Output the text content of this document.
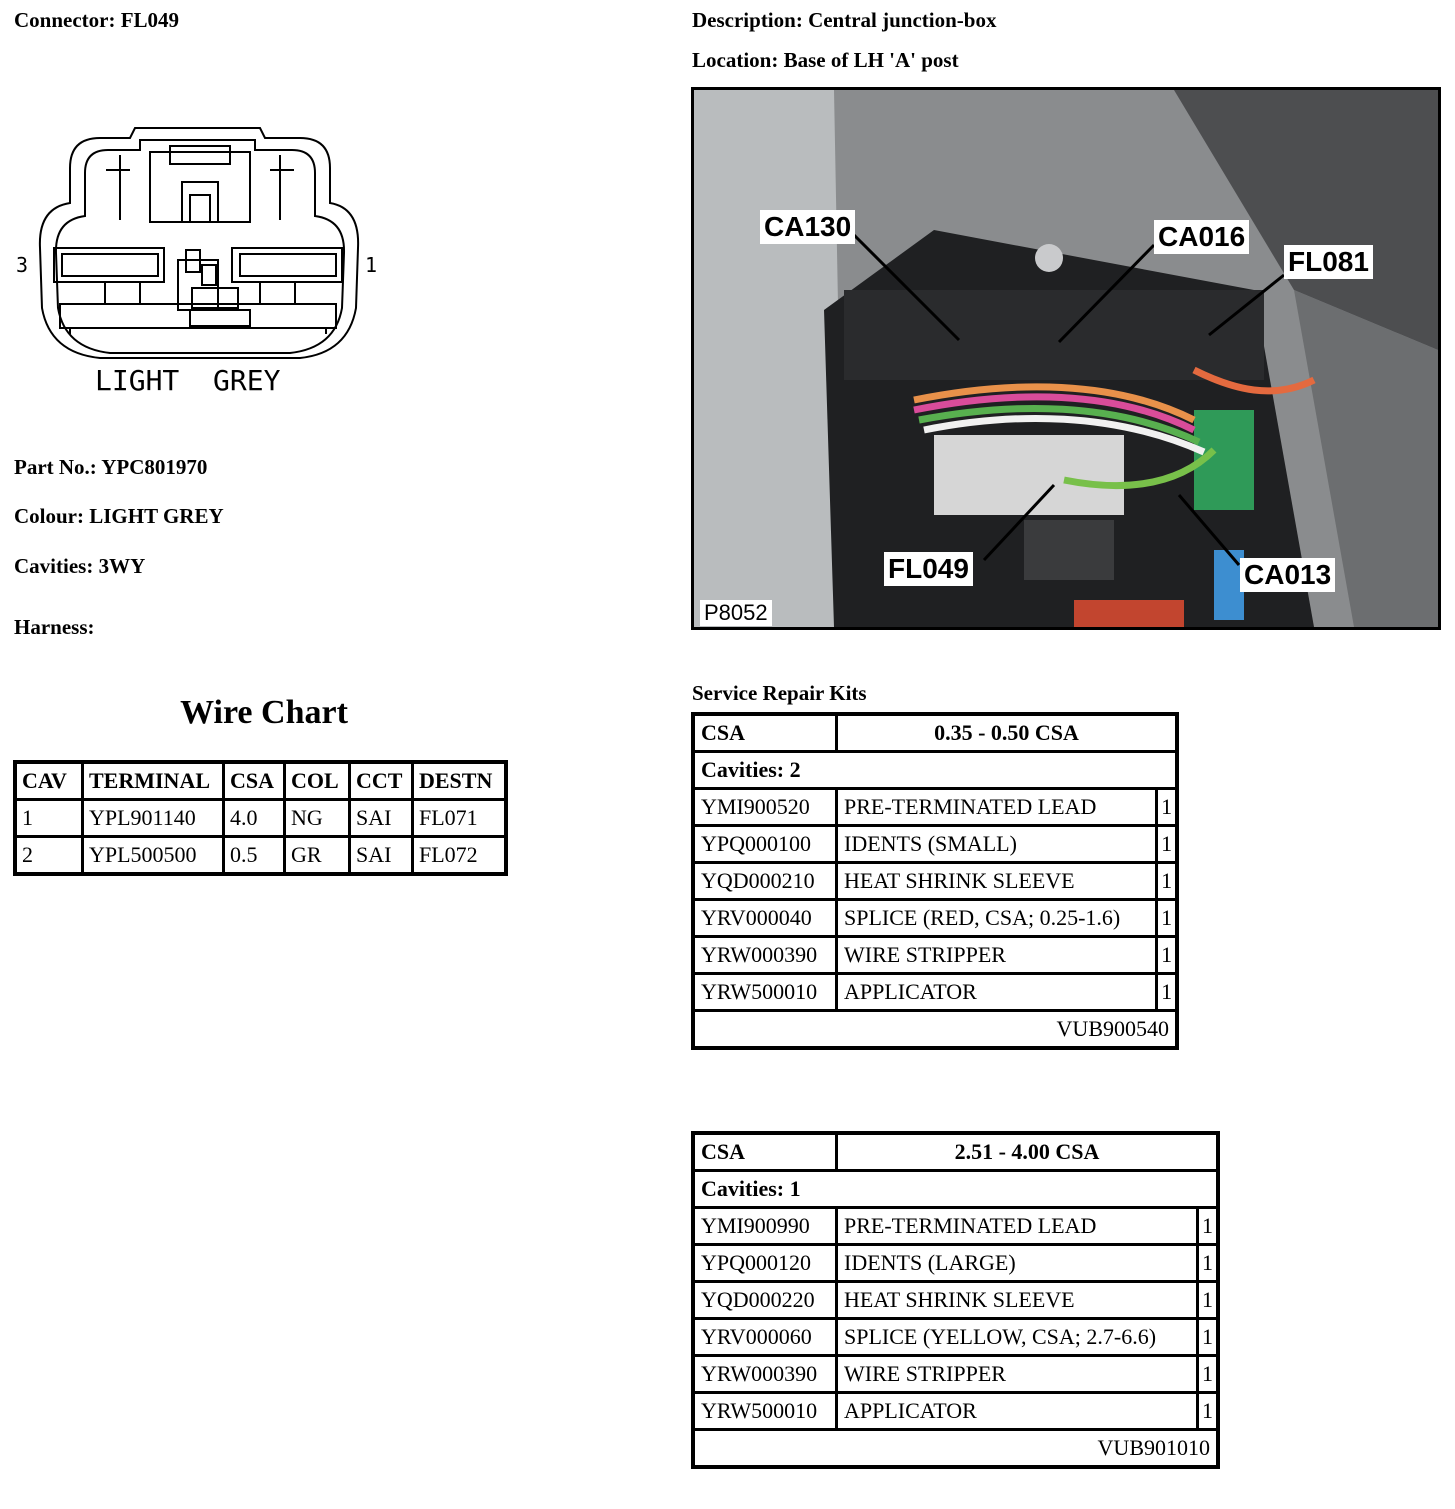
Connector: FL049
3	1
LIGHT  GREY
Part No.: YPC801970
Colour: LIGHT GREY
Cavities: 3WY
Harness:
Wire Chart
CAV	TERMINAL	CSA	COL	CCT	DESTN
1	YPL901140	4.0	NG	SAI	FL071
2	YPL500500	0.5	GR	SAI	FL072
Description: Central junction-box
Location: Base of LH 'A' post
CA130	CA016
FL081
FL049	CA013
P8052
Service Repair Kits
CSA	0.35 - 0.50 CSA	
Cavities: 2		
YMI900520	PRE-TERMINATED LEAD	1
YPQ000100	IDENTS (SMALL)	1
YQD000210	HEAT SHRINK SLEEVE	1
YRV000040	SPLICE (RED, CSA; 0.25-1.6)	1
YRW000390	WIRE STRIPPER	1
YRW500010	APPLICATOR	1
VUB900540		
CSA	2.51 - 4.00 CSA	
Cavities: 1		
YMI900990	PRE-TERMINATED LEAD	1
YPQ000120	IDENTS (LARGE)	1
YQD000220	HEAT SHRINK SLEEVE	1
YRV000060	SPLICE (YELLOW, CSA; 2.7-6.6)	1
YRW000390	WIRE STRIPPER	1
YRW500010	APPLICATOR	1
VUB901010		
